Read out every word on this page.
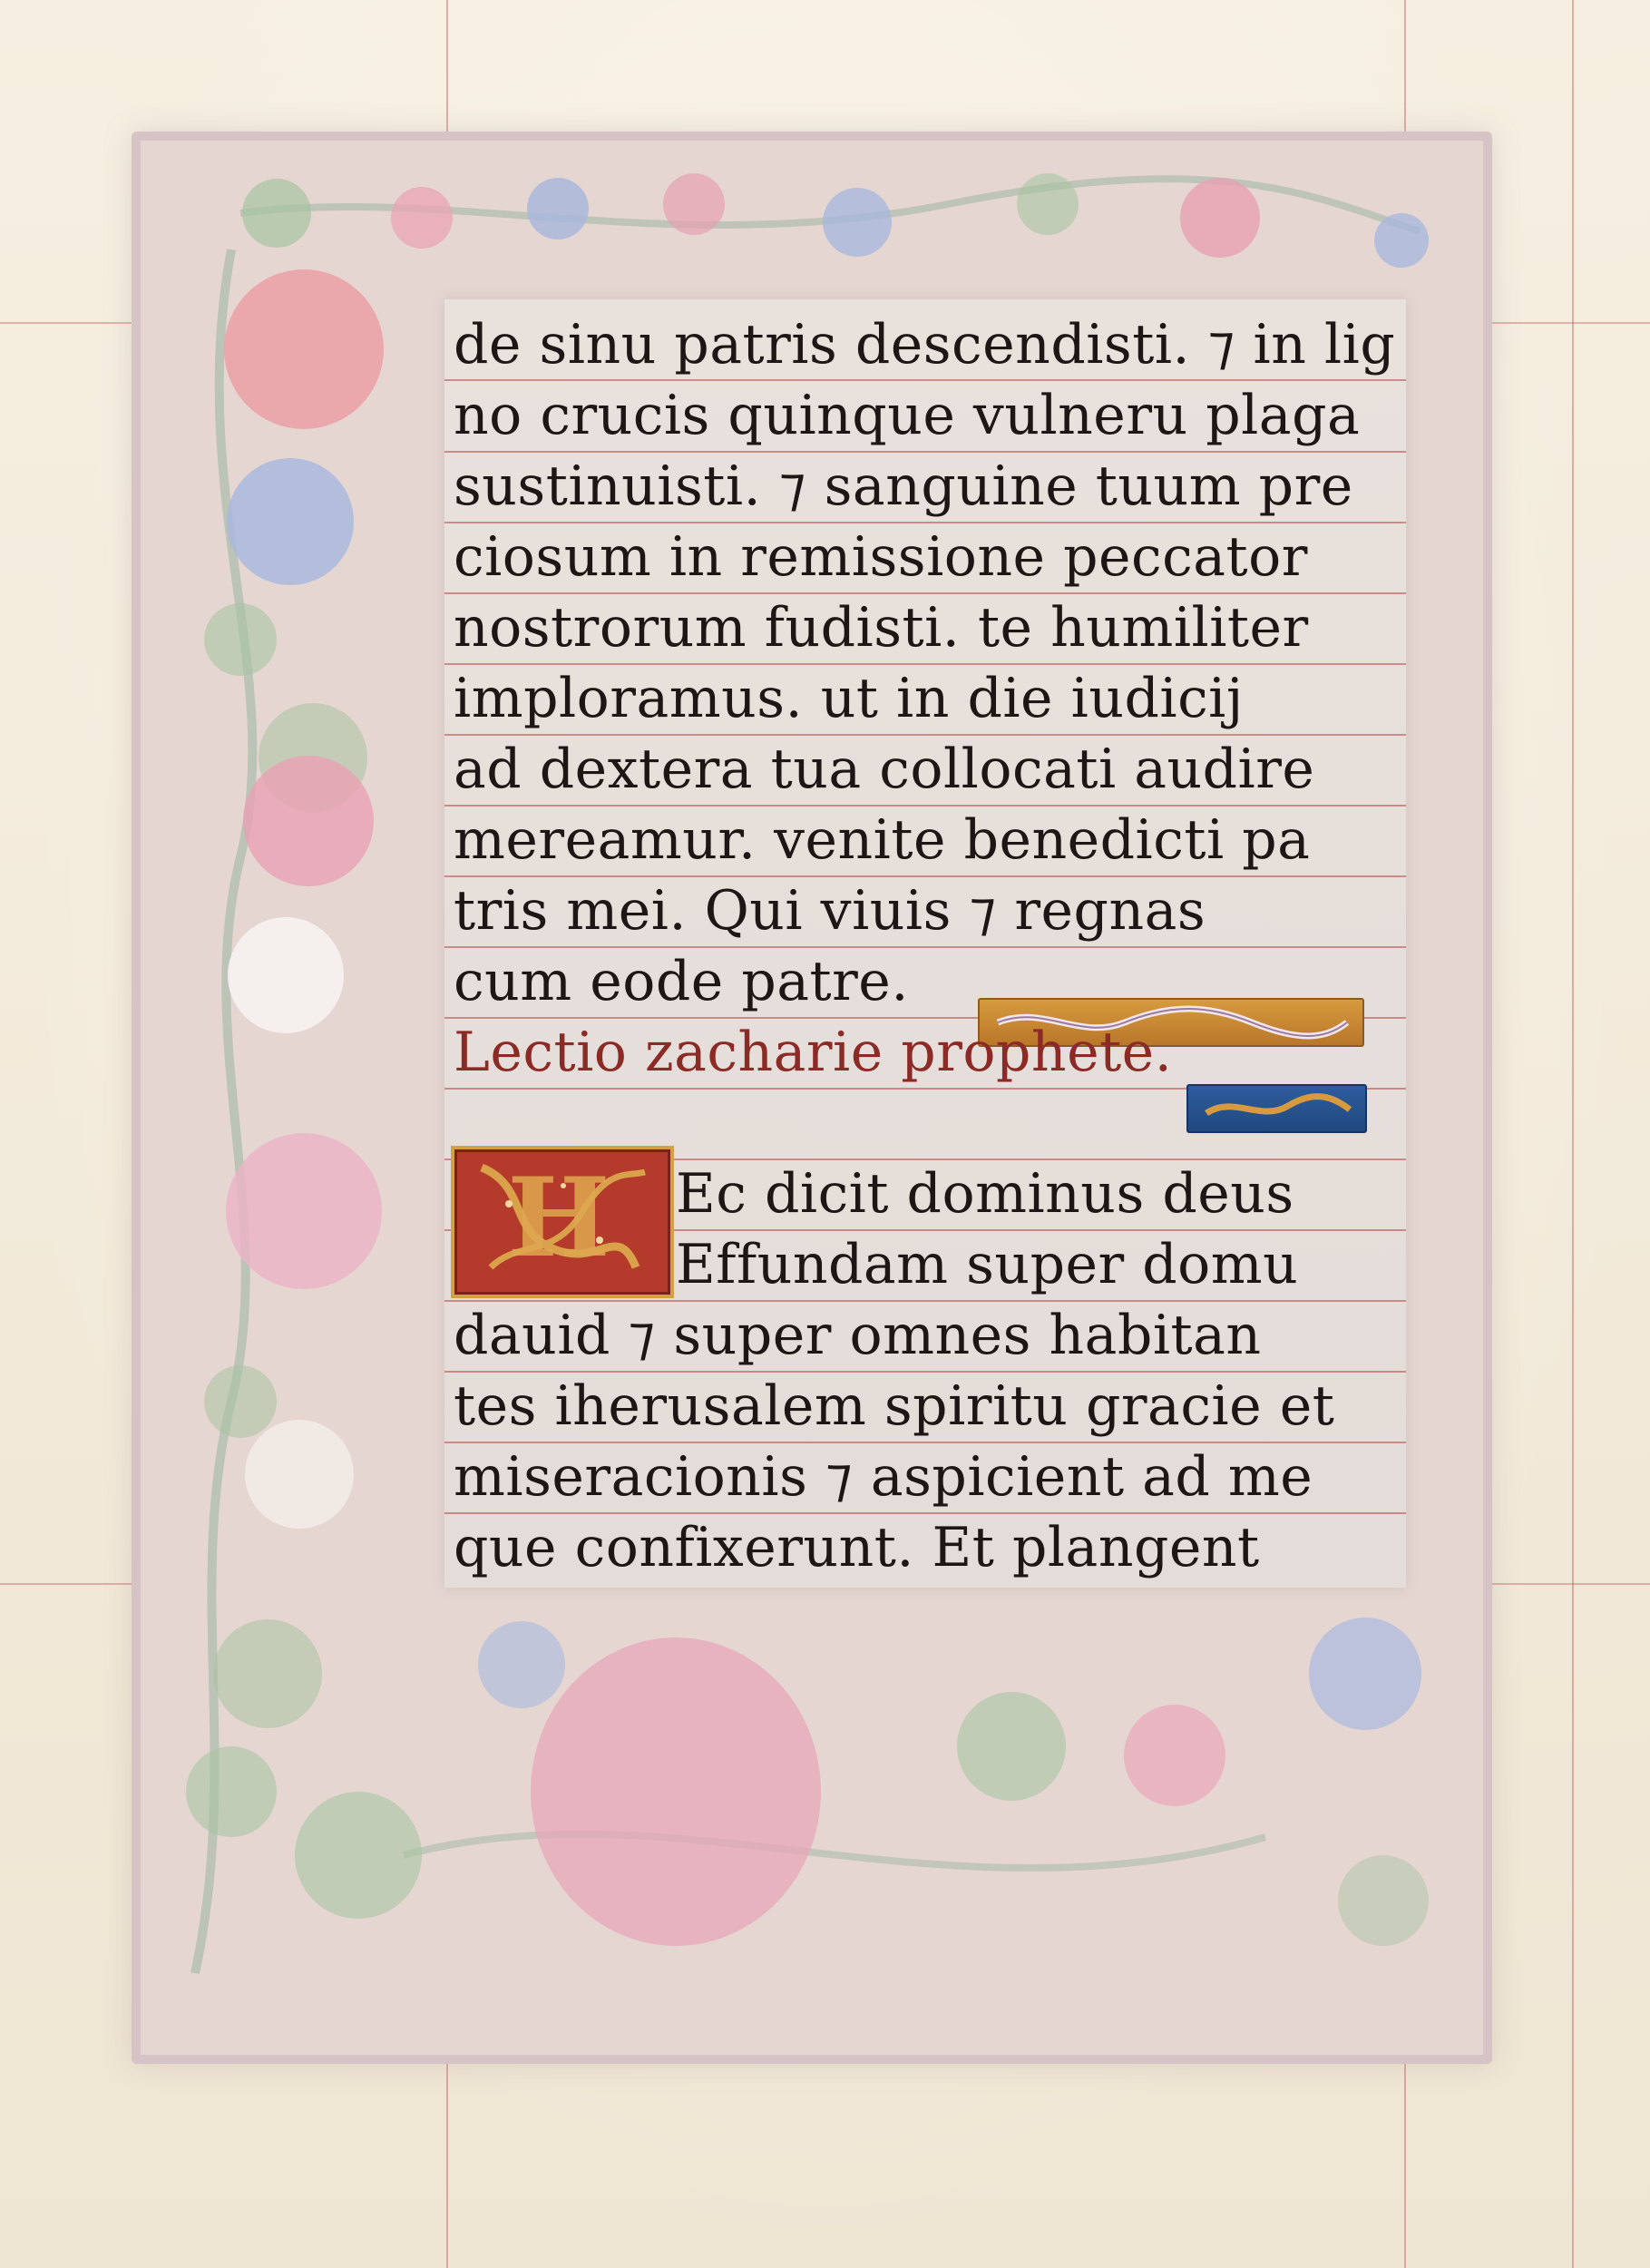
de sinu patris descendisti. ⁊ in lig
no crucis quinque vulneru plaga
sustinuisti. ⁊ sanguine tuum pre
ciosum in remissione peccator
nostrorum fudisti. te humiliter
imploramus. ut in die iudicij
ad dextera tua collocati audire
mereamur. venite benedicti pa
tris mei. Qui viuis ⁊ regnas
cum eode patre.
Lectio zacharie prophete.
H	Ec dicit dominus deus
Effundam super domu
dauid ⁊ super omnes habitan
tes iherusalem spiritu gracie et
miseracionis ⁊ aspicient ad me
que confixerunt. Et plangent
